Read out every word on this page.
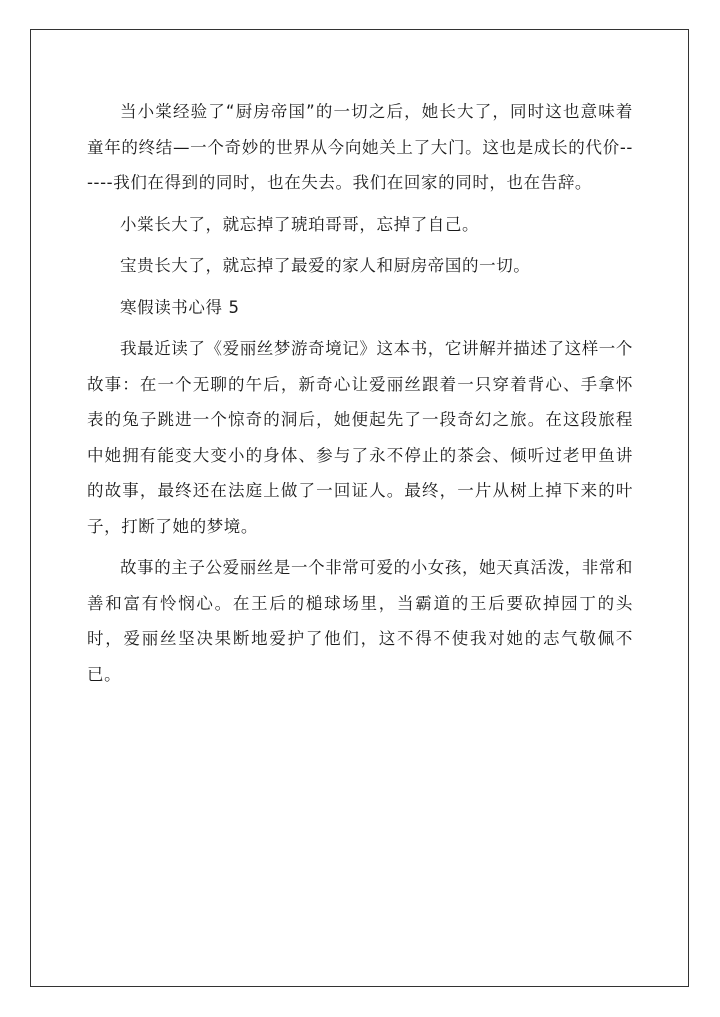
当小棠经验了“厨房帝国”的一切之后，她长大了，同时这也意味着童年的终结—一个奇妙的世界从今向她关上了大门。这也是成长的代价------我们在得到的同时，也在失去。我们在回家的同时，也在告辞。

小棠长大了，就忘掉了琥珀哥哥，忘掉了自己。

宝贵长大了，就忘掉了最爱的家人和厨房帝国的一切。

寒假读书心得 5

我最近读了《爱丽丝梦游奇境记》这本书，它讲解并描述了这样一个故事：在一个无聊的午后，新奇心让爱丽丝跟着一只穿着背心、手拿怀表的兔子跳进一个惊奇的洞后，她便起先了一段奇幻之旅。在这段旅程中她拥有能变大变小的身体、参与了永不停止的茶会、倾听过老甲鱼讲的故事，最终还在法庭上做了一回证人。最终，一片从树上掉下来的叶子，打断了她的梦境。

故事的主子公爱丽丝是一个非常可爱的小女孩，她天真活泼，非常和善和富有怜悯心。在王后的槌球场里，当霸道的王后要砍掉园丁的头时，爱丽丝坚决果断地爱护了他们，这不得不使我对她的志气敬佩不已。
